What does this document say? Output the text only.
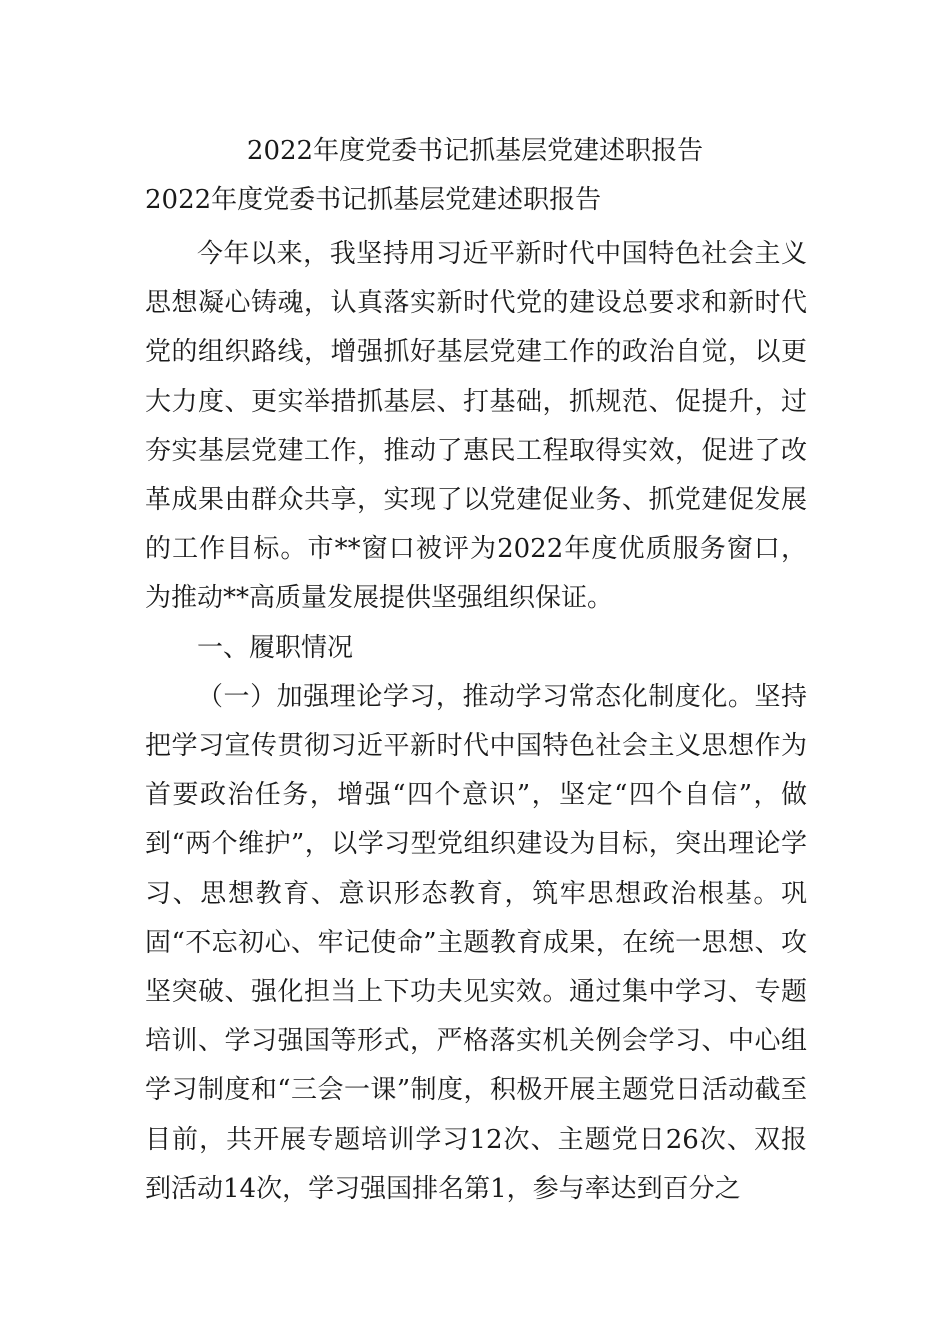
2022年度党委书记抓基层党建述职报告
2022年度党委书记抓基层党建述职报告

今年以来，我坚持用习近平新时代中国特色社会主义思想凝心铸魂，认真落实新时代党的建设总要求和新时代党的组织路线，增强抓好基层党建工作的政治自觉，以更大力度、更实举措抓基层、打基础，抓规范、促提升，过夯实基层党建工作，推动了惠民工程取得实效，促进了改革成果由群众共享，实现了以党建促业务、抓党建促发展的工作目标。市**窗口被评为2022年度优质服务窗口，为推动**高质量发展提供坚强组织保证。

一、履职情况

（一）加强理论学习，推动学习常态化制度化。坚持把学习宣传贯彻习近平新时代中国特色社会主义思想作为首要政治任务，增强“四个意识”，坚定“四个自信”，做到“两个维护”，以学习型党组织建设为目标，突出理论学习、思想教育、意识形态教育，筑牢思想政治根基。巩固“不忘初心、牢记使命”主题教育成果，在统一思想、攻坚突破、强化担当上下功夫见实效。通过集中学习、专题培训、学习强国等形式，严格落实机关例会学习、中心组学习制度和“三会一课”制度，积极开展主题党日活动截至目前，共开展专题培训学习12次、主题党日26次、双报到活动14次，学习强国排名第1，参与率达到百分之
